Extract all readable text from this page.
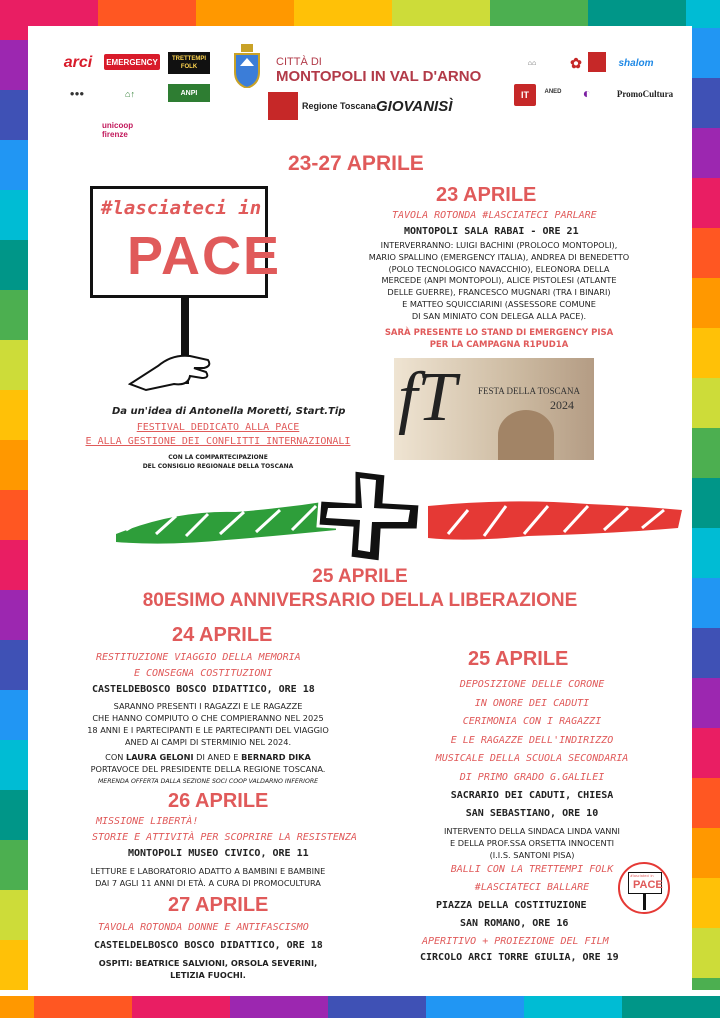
arci EMERGENCY	TRETTEMPI FOLK
ANPI
unicoop firenze
●●●	⌂↑
CITTÀ DI
MONTOPOLI IN VAL D'ARNO
Regione Toscana GIOVANISÌ
⌂⌂	✿	shalom
IT	ANED	◐	PromoCultura
23-27 APRILE
#lasciateci in
PACE
Da un'idea di Antonella Moretti, Start.Tip
FESTIVAL DEDICATO ALLA PACE
E ALLA GESTIONE DEI CONFLITTI INTERNAZIONALI
CON LA COMPARTECIPAZIONE
DEL CONSIGLIO REGIONALE DELLA TOSCANA
23 APRILE
TAVOLA ROTONDA #LASCIATECI PARLARE
MONTOPOLI SALA RABAI - ORE 21
INTERVERRANNO: LUIGI BACHINI (PROLOCO MONTOPOLI),
MARIO SPALLINO (EMERGENCY ITALIA), ANDREA DI BENEDETTO
(POLO TECNOLOGICO NAVACCHIO), ELEONORA DELLA
MERCEDE (ANPI MONTOPOLI), ALICE PISTOLESI (ATLANTE
DELLE GUERRE), FRANCESCO MUGNARI (TRA I BINARI)
E MATTEO SQUICCIARINI (ASSESSORE COMUNE
DI SAN MINIATO CON DELEGA ALLA PACE).
SARÀ PRESENTE LO STAND DI EMERGENCY PISA
PER LA CAMPAGNA R1PUD1A
fT FESTA DELLA TOSCANA
2024
25 APRILE
80ESIMO ANNIVERSARIO DELLA LIBERAZIONE
24 APRILE
RESTITUZIONE VIAGGIO DELLA MEMORIA
E CONSEGNA COSTITUZIONI
CASTELDEBOSCO BOSCO DIDATTICO, ORE 18
SARANNO PRESENTI I RAGAZZI E LE RAGAZZE
CHE HANNO COMPIUTO O CHE COMPIERANNO NEL 2025
18 ANNI E I PARTECIPANTI E LE PARTECIPANTI DEL VIAGGIO
ANED AI CAMPI DI STERMINIO NEL 2024.
CON LAURA GELONI DI ANED E BERNARD DIKA
PORTAVOCE DEL PRESIDENTE DELLA REGIONE TOSCANA.
MERENDA OFFERTA DALLA SEZIONE SOCI COOP VALDARNO INFERIORE
26 APRILE
MISSIONE LIBERTÀ!
STORIE E ATTIVITÀ PER SCOPRIRE LA RESISTENZA
MONTOPOLI MUSEO CIVICO, ORE 11
LETTURE E LABORATORIO ADATTO A BAMBINI E BAMBINE
DAI 7 AGLI 11 ANNI DI ETÀ. A CURA DI PROMOCULTURA
27 APRILE
TAVOLA ROTONDA DONNE E ANTIFASCISMO
CASTELDELBOSCO BOSCO DIDATTICO, ORE 18
OSPITI: BEATRICE SALVIONI, ORSOLA SEVERINI,
LETIZIA FUOCHI.
25 APRILE
DEPOSIZIONE DELLE CORONE
IN ONORE DEI CADUTI
CERIMONIA CON I RAGAZZI
E LE RAGAZZE DELL'INDIRIZZO
MUSICALE DELLA SCUOLA SECONDARIA
DI PRIMO GRADO G.GALILEI
SACRARIO DEI CADUTI, CHIESA
SAN SEBASTIANO, ORE 10
INTERVENTO DELLA SINDACA LINDA VANNI
E DELLA PROF.SSA ORSETTA INNOCENTI
(I.I.S. SANTONI PISA)
BALLI CON LA TRETTEMPI FOLK
#LASCIATECI BALLARE
PIAZZA DELLA COSTITUZIONE
SAN ROMANO, ORE 16
APERITIVO + PROIEZIONE DEL FILM
CIRCOLO ARCI TORRE GIULIA, ORE 19
#lasciateci in
PACE
